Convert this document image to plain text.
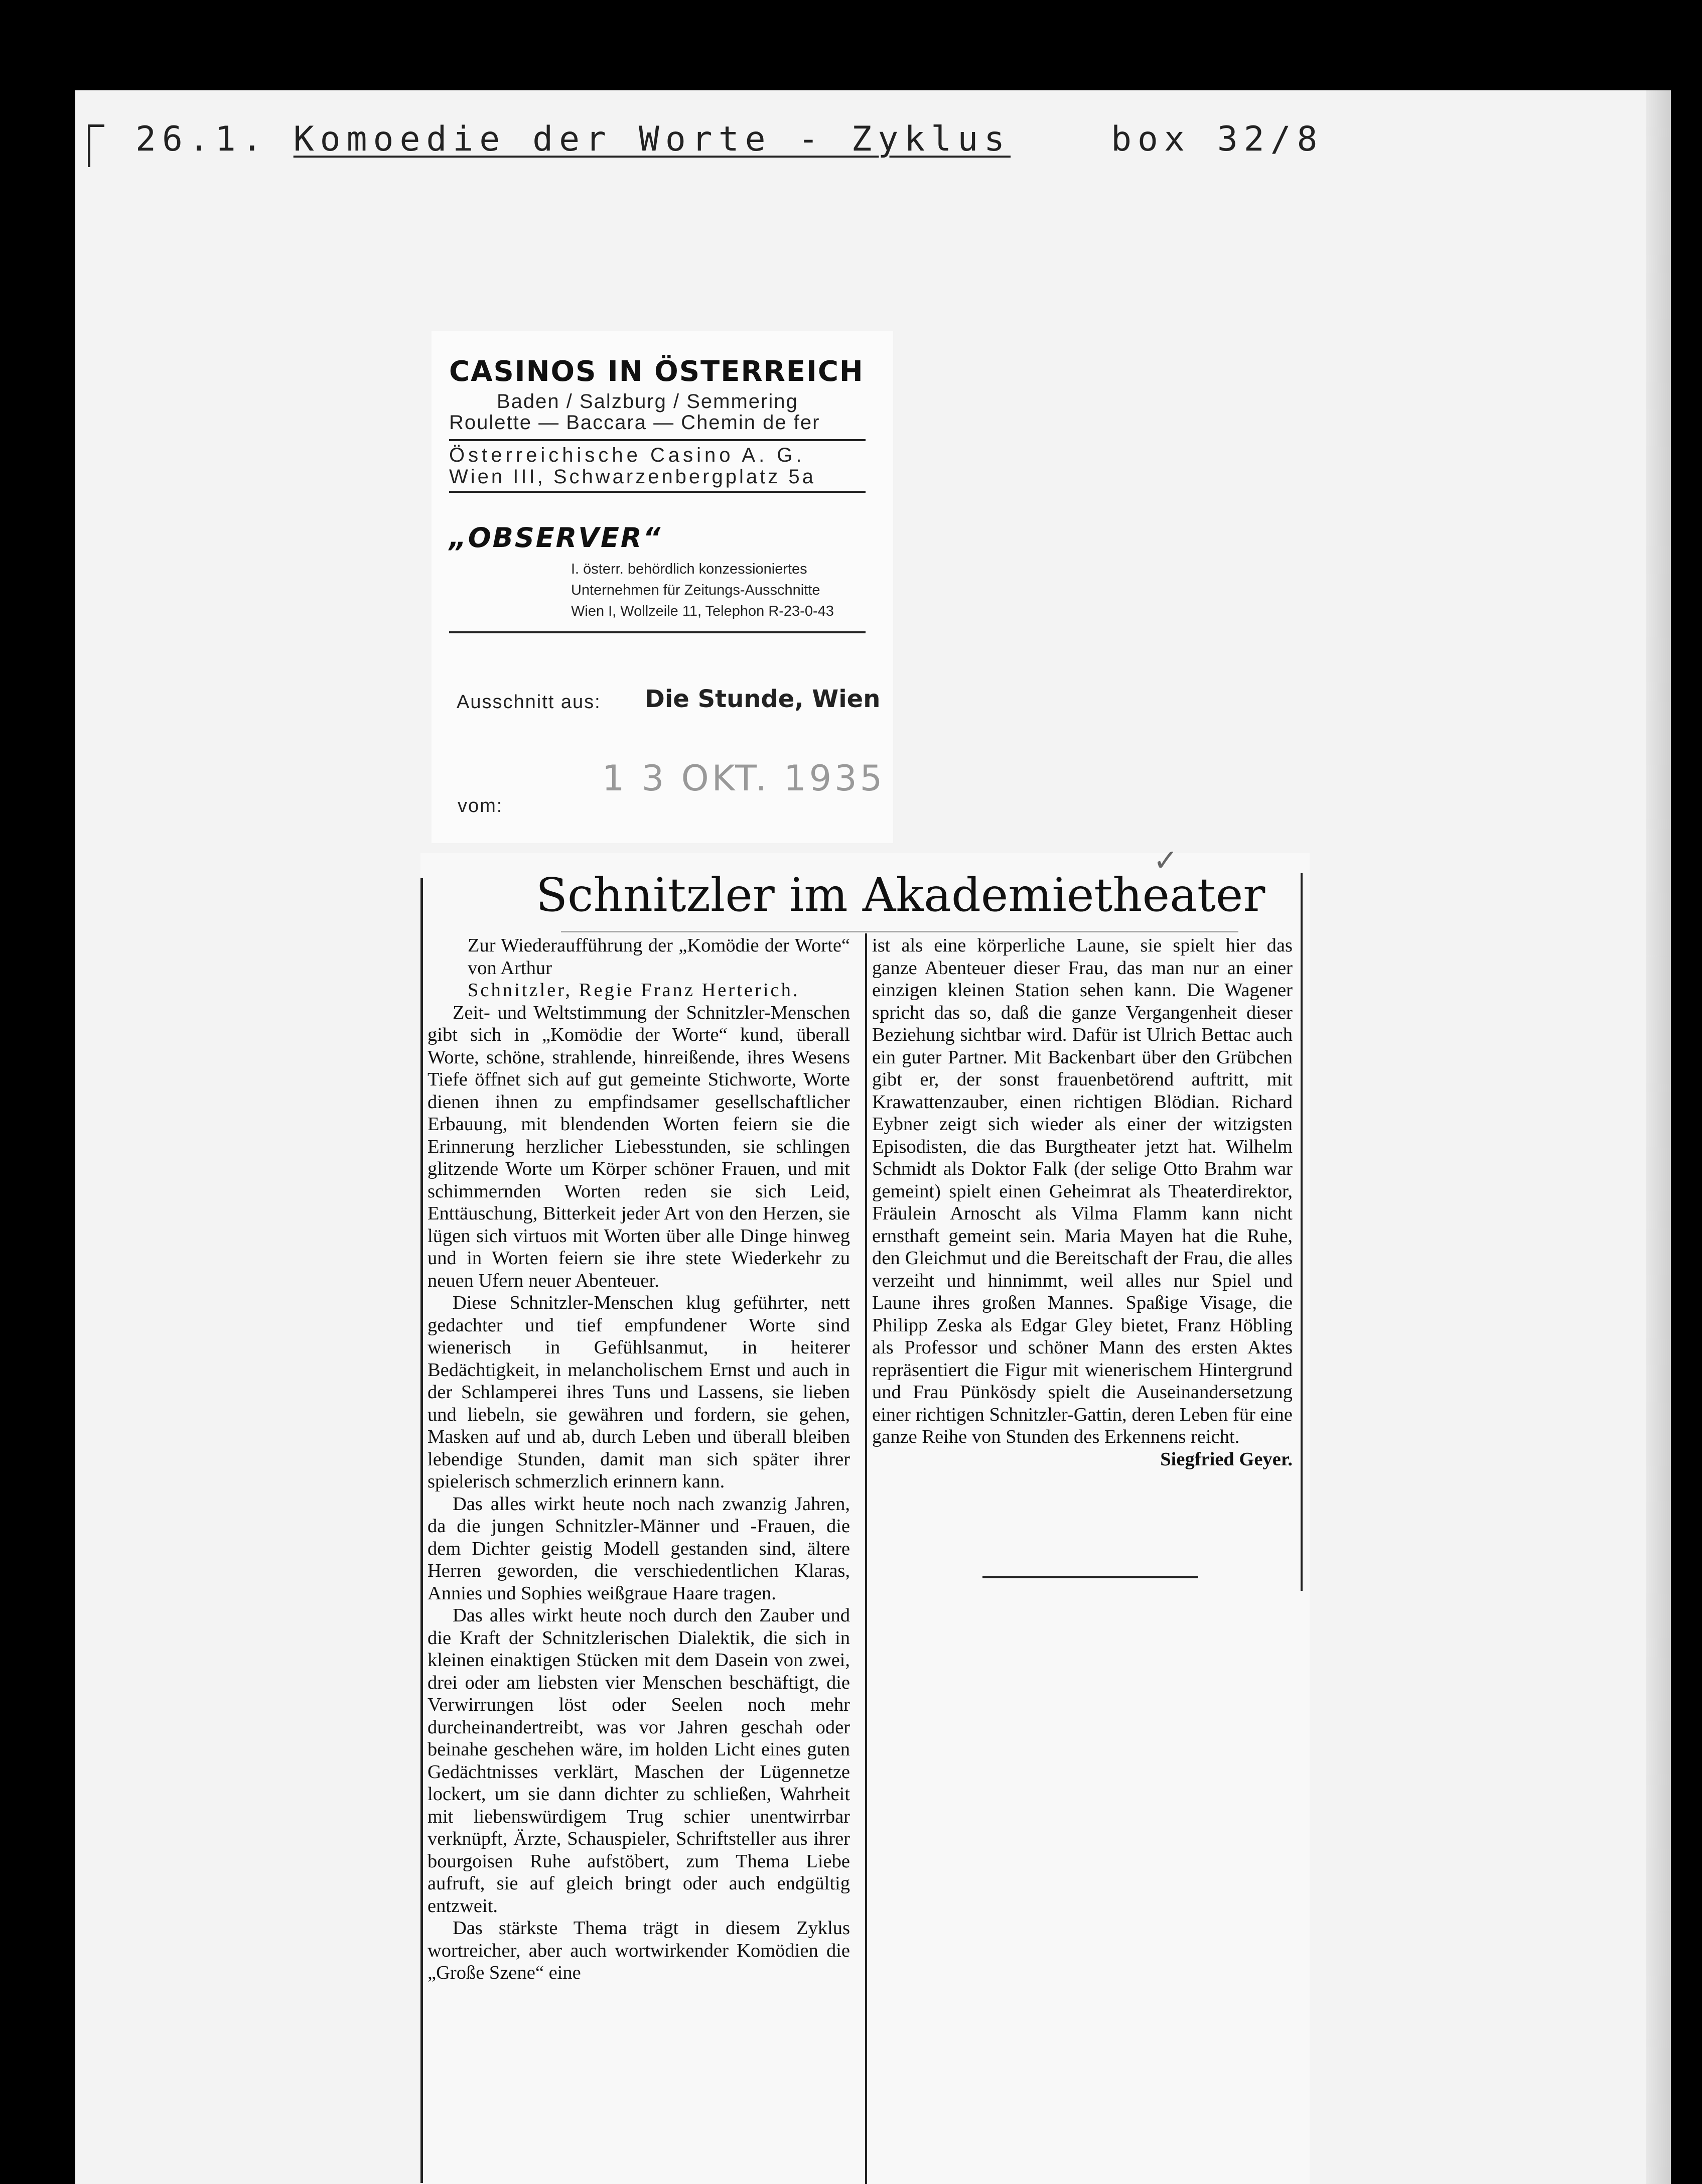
26.1. Komoedie der Worte - Zyklus	box 32/8
CASINOS IN ÖSTERREICH
Baden / Salzburg / Semmering
Roulette — Baccara — Chemin de fer
Österreichische Casino A. G.
Wien III, Schwarzenbergplatz 5a
„OBSERVER“
I. österr. behördlich konzessioniertes
Unternehmen für Zeitungs-Ausschnitte
Wien I, Wollzeile 11, Telephon R-23-0-43
Ausschnitt aus: Die Stunde, Wien
1 3 OKT. 1935
vom:
✓
Schnitzler im Akademietheater

Zur Wiederaufführung der „Komödie der Worte“ von Arthur

Schnitzler, Regie Franz Herterich.

Zeit- und Weltstimmung der Schnitzler-Menschen gibt sich in „Komödie der Worte“ kund, überall Worte, schöne, strahlende, hinreißende, ihres Wesens Tiefe öffnet sich auf gut gemeinte Stichworte, Worte dienen ihnen zu empfindsamer gesellschaftlicher Erbauung, mit blendenden Worten feiern sie die Erinnerung herzlicher Liebesstunden, sie schlingen glitzende Worte um Körper schöner Frauen, und mit schimmernden Worten reden sie sich Leid, Enttäuschung, Bitterkeit jeder Art von den Herzen, sie lügen sich virtuos mit Worten über alle Dinge hinweg und in Worten feiern sie ihre stete Wiederkehr zu neuen Ufern neuer Abenteuer.

Diese Schnitzler-Menschen klug geführter, nett gedachter und tief empfundener Worte sind wienerisch in Gefühlsanmut, in heiterer Bedächtigkeit, in melancholischem Ernst und auch in der Schlamperei ihres Tuns und Lassens, sie lieben und liebeln, sie gewähren und fordern, sie gehen, Masken auf und ab, durch Leben und überall bleiben lebendige Stunden, damit man sich später ihrer spielerisch schmerzlich erinnern kann.

Das alles wirkt heute noch nach zwanzig Jahren, da die jungen Schnitzler-Männer und -Frauen, die dem Dichter geistig Modell gestanden sind, ältere Herren geworden, die verschiedentlichen Klaras, Annies und Sophies weißgraue Haare tragen.

Das alles wirkt heute noch durch den Zauber und die Kraft der Schnitzlerischen Dialektik, die sich in kleinen einaktigen Stücken mit dem Dasein von zwei, drei oder am liebsten vier Menschen beschäftigt, die Verwirrungen löst oder Seelen noch mehr durcheinandertreibt, was vor Jahren geschah oder beinahe geschehen wäre, im holden Licht eines guten Gedächtnisses verklärt, Maschen der Lügennetze lockert, um sie dann dichter zu schließen, Wahrheit mit liebenswürdigem Trug schier unentwirrbar verknüpft, Ärzte, Schauspieler, Schriftsteller aus ihrer bourgoisen Ruhe aufstöbert, zum Thema Liebe aufruft, sie auf gleich bringt oder auch endgültig entzweit.

Das stärkste Thema trägt in diesem Zyklus wortreicher, aber auch wortwirkender Komödien die „Große Szene“ eine

ist als eine körperliche Laune, sie spielt hier das ganze Abenteuer dieser Frau, das man nur an einer einzigen kleinen Station sehen kann. Die Wagener spricht das so, daß die ganze Vergangenheit dieser Beziehung sichtbar wird. Dafür ist Ulrich Bettac auch ein guter Partner. Mit Backenbart über den Grübchen gibt er, der sonst frauenbetörend auftritt, mit Krawattenzauber, einen richtigen Blödian. Richard Eybner zeigt sich wieder als einer der witzigsten Episodisten, die das Burgtheater jetzt hat. Wilhelm Schmidt als Doktor Falk (der selige Otto Brahm war gemeint) spielt einen Geheimrat als Theaterdirektor, Fräulein Arnoscht als Vilma Flamm kann nicht ernsthaft gemeint sein. Maria Mayen hat die Ruhe, den Gleichmut und die Bereitschaft der Frau, die alles verzeiht und hinnimmt, weil alles nur Spiel und Laune ihres großen Mannes. Spaßige Visage, die Philipp Zeska als Edgar Gley bietet, Franz Höbling als Professor und schöner Mann des ersten Aktes repräsentiert die Figur mit wienerischem Hintergrund und Frau Pünkösdy spielt die Auseinandersetzung einer richtigen Schnitzler-Gattin, deren Leben für eine ganze Reihe von Stunden des Erkennens reicht.

Siegfried Geyer.
